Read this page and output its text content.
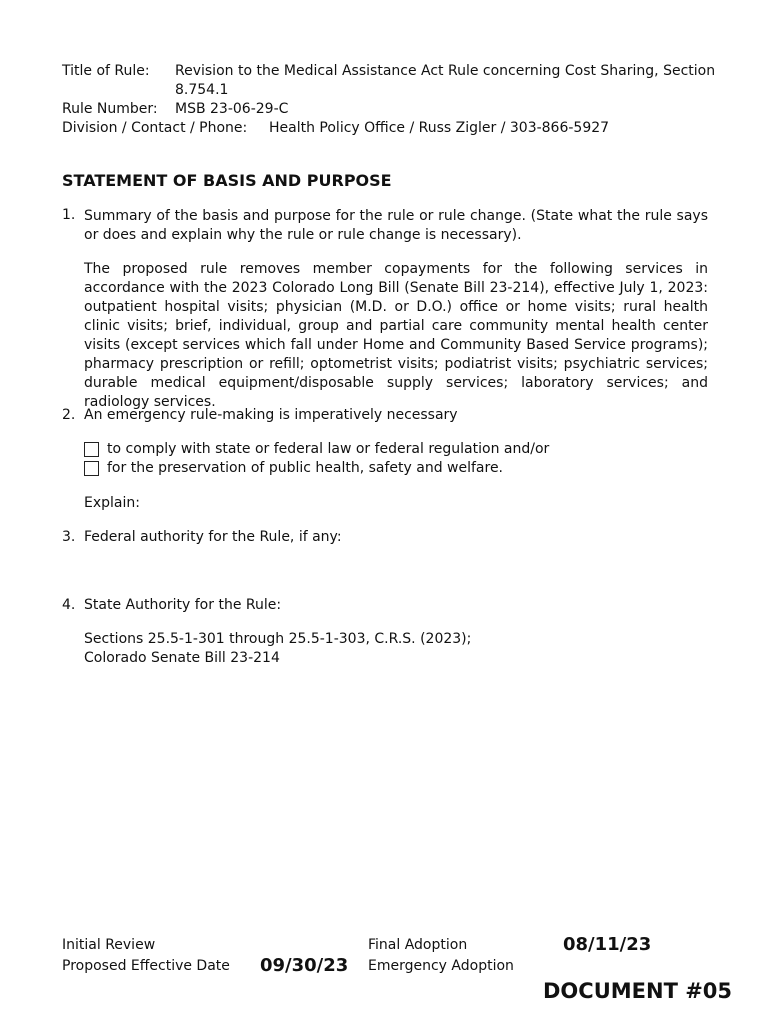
Title of Rule: Revision to the Medical Assistance Act Rule concerning Cost Sharing, Section
8.754.1
Rule Number: MSB 23-06-29-C
Division / Contact / Phone: Health Policy Office / Russ Zigler / 303-866-5927
STATEMENT OF BASIS AND PURPOSE
1. Summary of the basis and purpose for the rule or rule change. (State what the rule says or does and explain why the rule or rule change is necessary).
The proposed rule removes member copayments for the following services in accordance with the 2023 Colorado Long Bill (Senate Bill 23-214), effective July 1, 2023: outpatient hospital visits; physician (M.D. or D.O.) office or home visits; rural health clinic visits; brief, individual, group and partial care community mental health center visits (except services which fall under Home and Community Based Service programs); pharmacy prescription or refill; optometrist visits; podiatrist visits; psychiatric services; durable medical equipment/disposable supply services; laboratory services; and radiology services.
2. An emergency rule-making is imperatively necessary
to comply with state or federal law or federal regulation and/or
for the preservation of public health, safety and welfare.
Explain:
3. Federal authority for the Rule, if any:
4. State Authority for the Rule:
Sections 25.5-1-301 through 25.5-1-303, C.R.S. (2023);
Colorado Senate Bill 23-214
Initial Review
Proposed Effective Date 09/30/23
Final Adoption	08/11/23
Emergency Adoption
DOCUMENT #05
